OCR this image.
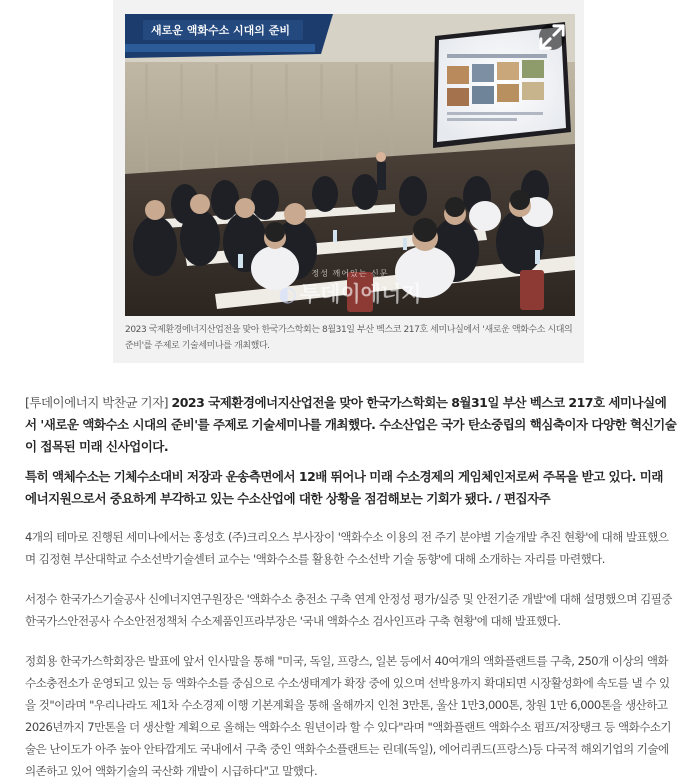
새로운 액화수소 시대의 준비
정성 깨어있는 신문
◐ 투데이에너지
2023 국제환경에너지산업전을 맞아 한국가스학회는 8월31일 부산 벡스코 217호 세미나실에서 '새로운 액화수소 시대의 준비'를 주제로 기술세미나를 개최했다.

[투데이에너지 박찬균 기자] 2023 국제환경에너지산업전을 맞아 한국가스학회는 8월31일 부산 벡스코 217호 세미나실에서 '새로운 액화수소 시대의 준비'를 주제로 기술세미나를 개최했다. 수소산업은 국가 탄소중립의 핵심축이자 다양한 혁신기술이 접목된 미래 신사업이다.

특히 액체수소는 기체수소대비 저장과 운송측면에서 12배 뛰어나 미래 수소경제의 게임체인저로써 주목을 받고 있다. 미래 에너지원으로서 중요하게 부각하고 있는 수소산업에 대한 상황을 점검해보는 기회가 됐다. / 편집자주

4개의 테마로 진행된 세미나에서는 홍성호 (주)크리오스 부사장이 '액화수소 이용의 전 주기 분야별 기술개발 추진 현황'에 대해 발표했으며 김정현 부산대학교 수소선박기술센터 교수는 '액화수소를 활용한 수소선박 기술 동향'에 대해 소개하는 자리를 마련했다.

서정수 한국가스기술공사 신에너지연구원장은 '액화수소 충전소 구축 연계 안정성 평가/실증 및 안전기준 개발'에 대해 설명했으며 김필중 한국가스안전공사 수소안전정책처 수소제품인프라부장은 '국내 액화수소 검사인프라 구축 현황'에 대해 발표했다.

정희용 한국가스학회장은 발표에 앞서 인사말을 통해 "미국, 독일, 프랑스, 일본 등에서 40여개의 액화플랜트를 구축, 250개 이상의 액화수소충전소가 운영되고 있는 등 액화수소를 중심으로 수소생태계가 확장 중에 있으며 선박용까지 확대되면 시장활성화에 속도를 낼 수 있을 것"이라며 "우리나라도 제1차 수소경제 이행 기본계획을 통해 올해까지 인천 3만톤, 울산 1만3,000톤, 창원 1만 6,000톤을 생산하고 2026년까지 7만톤을 더 생산할 계획으로 올해는 액화수소 원년이라 할 수 있다"라며 "액화플랜트 액화수소 펌프/저장탱크 등 액화수소기술은 난이도가 아주 높아 안타깝게도 국내에서 구축 중인 액화수소플랜트는 린데(독일), 에어리퀴드(프랑스)등 다국적 해외기업의 기술에 의존하고 있어 액화기술의 국산화 개발이 시급하다"고 말했다.
